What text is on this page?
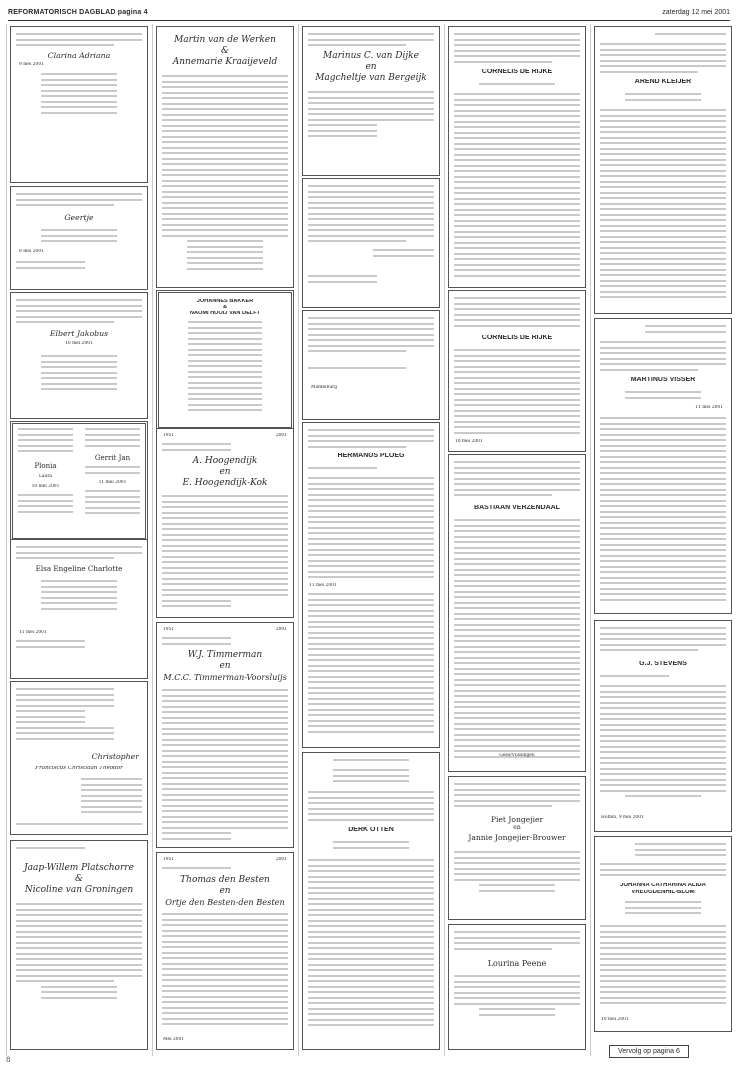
REFORMATORISCH DAGBLAD pagina 4	zaterdag 12 mei 2001
Clarina Adriana
9 mei 2001
Geertje
8 mei 2001
Elbert Jakobus
10 mei 2001
Plonia
Laura
10 mei 2001
Gerrit Jan
11 mei 2001
Elsa Engeline Charlotte
11 mei 2001
Christopher
Franciscus Christiaan Theodor
Jaap-Willem Platschorre
&
Nicoline van Groningen
Martin van de Werken
&
Annemarie Kraaijeveld
JOHANNES BAKKER
&
NAOMI HOOIJ VAN DELFT
1951	2001
A. Hoogendijk
en
E. Hoogendijk-Kok
1951	2001
W.J. Timmerman
en
M.C.C. Timmerman-Voorsluijs
1951	2001
Thomas den Besten
en
Ortje den Besten-den Besten
Mei 2001
Marinus C. van Dijke
en
Magcheltje van Bergeijk
Middelburg
HERMANUS PLOEG
11 mei 2001
DERK OTTEN
CORNELIS DE RIJKE
CORNELIS DE RIJKE
10 mei 2001
BASTIAAN VERZENDAAL
Goes/Vlissingen
Piet Jongejier
en
Jannie Jongejier-Brouwer
Lourina Peene
AREND KLEIJER
MARTINUS VISSER
11 mei 2001
G.J. STEVENS
Holten, 9 mei 2001
JOHANNA CATHARINA ALIDA
VREUGDENHIL-BLOM
10 mei 2001
Vervolg op pagina 6
8
